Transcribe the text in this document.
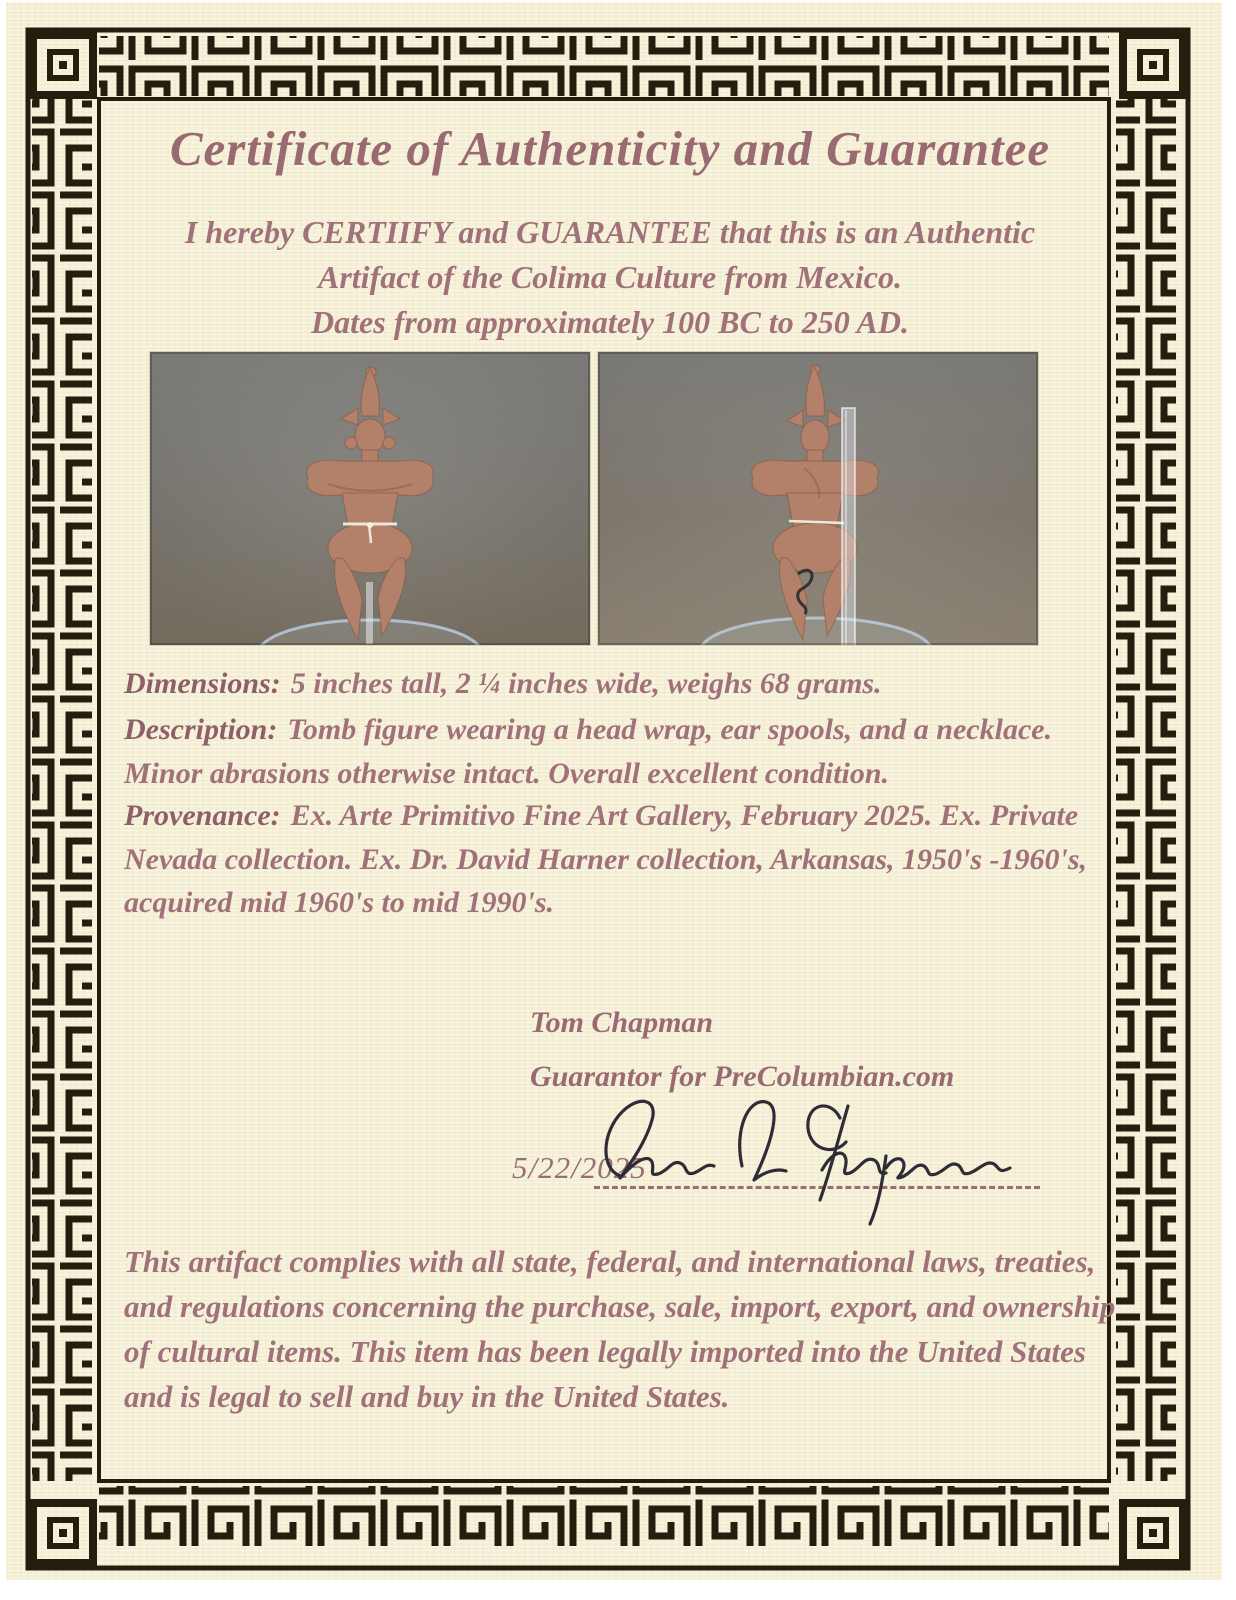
Certificate of Authenticity and Guarantee
I hereby CERTIIFY and GUARANTEE that this is an Authentic
Artifact of the Colima Culture from Mexico.
Dates from approximately 100 BC to 250 AD.
Dimensions: 5 inches tall, 2 ¼ inches wide, weighs 68 grams.
Description: Tomb figure wearing a head wrap, ear spools, and a necklace. Minor abrasions otherwise intact. Overall excellent condition.
Provenance: Ex. Arte Primitivo Fine Art Gallery, February 2025. Ex. Private Nevada collection. Ex. Dr. David Harner collection, Arkansas, 1950's -1960's, acquired mid 1960's to mid 1990's.
Tom Chapman
Guarantor for PreColumbian.com
5/22/2025
This artifact complies with all state, federal, and international laws, treaties, and regulations concerning the purchase, sale, import, export, and ownership of cultural items. This item has been legally imported into the United States and is legal to sell and buy in the United States.
